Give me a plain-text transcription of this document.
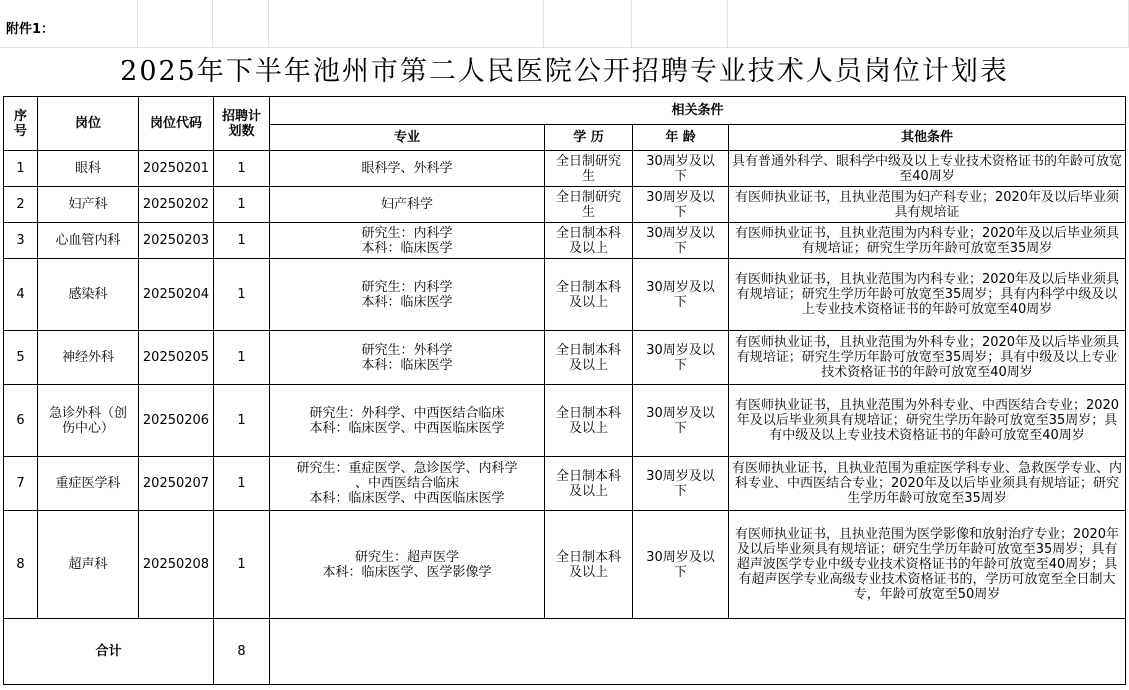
附件1：
2025年下半年池州市第二人民医院公开招聘专业技术人员岗位计划表
序
号	岗位	岗位代码	招聘计
划数	相关条件			
				专业	学 历	年 龄	其他条件
1	眼科	20250201	1	眼科学、外科学	全日制研究
生	30周岁及以
下	具有普通外科学、眼科学中级及以上专业技术资格证书的年龄可放宽至40周岁
2	妇产科	20250202	1	妇产科学	全日制研究
生	30周岁及以
下	有医师执业证书，且执业范围为妇产科专业；2020年及以后毕业须具有规培证
3	心血管内科	20250203	1	研究生：内科学
本科：临床医学	全日制本科
及以上	30周岁及以
下	有医师执业证书，且执业范围为内科专业；2020年及以后毕业须具有规培证；研究生学历年龄可放宽至35周岁
4	感染科	20250204	1	研究生：内科学
本科：临床医学	全日制本科
及以上	30周岁及以
下	有医师执业证书，且执业范围为内科专业；2020年及以后毕业须具有规培证；研究生学历年龄可放宽至35周岁；具有内科学中级及以上专业技术资格证书的年龄可放宽至40周岁
5	神经外科	20250205	1	研究生：外科学
本科：临床医学	全日制本科
及以上	30周岁及以
下	有医师执业证书，且执业范围为外科专业；2020年及以后毕业须具有规培证；研究生学历年龄可放宽至35周岁；具有中级及以上专业技术资格证书的年龄可放宽至40周岁
6	急诊外科（创
伤中心）	20250206	1	研究生：外科学、中西医结合临床
本科：临床医学、中西医临床医学	全日制本科
及以上	30周岁及以
下	有医师执业证书，且执业范围为外科专业、中西医结合专业；2020年及以后毕业须具有规培证；研究生学历年龄可放宽至35周岁；具有中级及以上专业技术资格证书的年龄可放宽至40周岁
7	重症医学科	20250207	1	研究生：重症医学、急诊医学、内科学
、中西医结合临床
本科：临床医学、中西医临床医学	全日制本科
及以上	30周岁及以
下	有医师执业证书，且执业范围为重症医学科专业、急救医学专业、内科专业、中西医结合专业；2020年及以后毕业须具有规培证；研究生学历年龄可放宽至35周岁
8	超声科	20250208	1	研究生：超声医学
本科：临床医学、医学影像学	全日制本科
及以上	30周岁及以
下	有医师执业证书，且执业范围为医学影像和放射治疗专业；2020年及以后毕业须具有规培证；研究生学历年龄可放宽至35周岁；具有超声波医学专业中级专业技术资格证书的年龄可放宽至40周岁；具有超声医学专业高级专业技术资格证书的，学历可放宽至全日制大专，年龄可放宽至50周岁
合计			8				
